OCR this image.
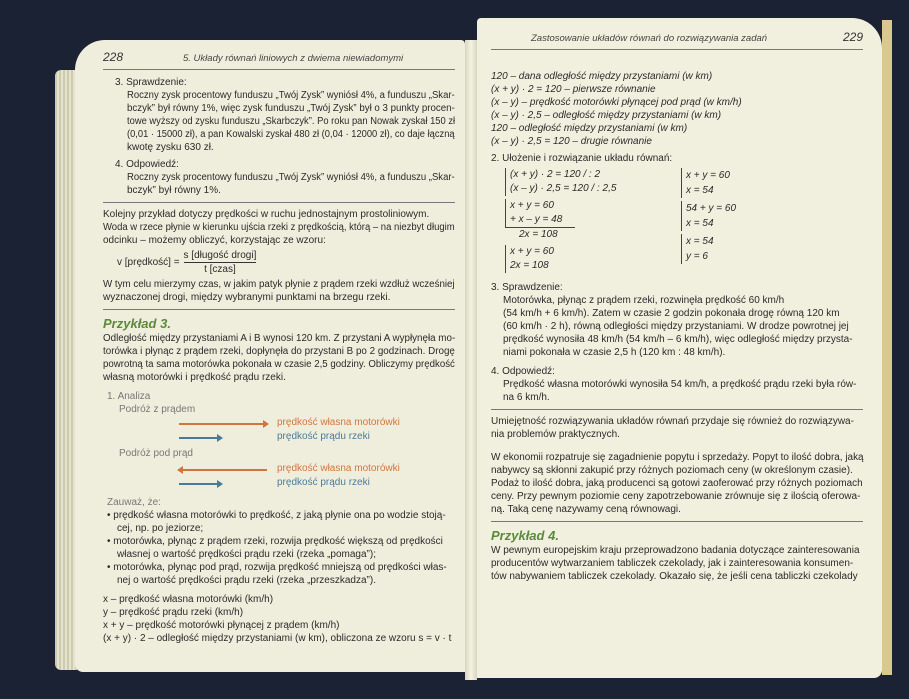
228	5. Układy równań liniowych z dwiema niewiadomymi
3. Sprawdzenie:
Roczny zysk procentowy funduszu „Twój Zysk” wyniósł 4%, a funduszu „Skar-
bczyk” był równy 1%, więc zysk funduszu „Twój Zysk” był o 3 punkty procen-
towe wyższy od zysku funduszu „Skarbczyk”. Po roku pan Nowak zyskał 150 zł
(0,01 · 15000 zł), a pan Kowalski zyskał 480 zł (0,04 · 12000 zł), co daje łączną
kwotę zysku 630 zł.
4. Odpowiedź:
Roczny zysk procentowy funduszu „Twój Zysk” wyniósł 4%, a funduszu „Skar-
bczyk” był równy 1%.
Kolejny przykład dotyczy prędkości w ruchu jednostajnym prostoliniowym.
Woda w rzece płynie w kierunku ujścia rzeki z prędkością, którą – na niezbyt długim
odcinku – możemy obliczyć, korzystając ze wzoru:
v [prędkość] =
s [długość drogi]
t [czas]
W tym celu mierzymy czas, w jakim patyk płynie z prądem rzeki wzdłuż wcześniej
wyznaczonej drogi, między wybranymi punktami na brzegu rzeki.
Przykład 3.
Odległość między przystaniami A i B wynosi 120 km. Z przystani A wypłynęła mo-
torówka i płynąc z prądem rzeki, dopłynęła do przystani B po 2 godzinach. Drogę
powrotną ta sama motorówka pokonała w czasie 2,5 godziny. Obliczymy prędkość
własną motorówki i prędkość prądu rzeki.
1. Analiza
Podróż z prądem
prędkość własna motorówki
prędkość prądu rzeki
Podróż pod prąd
prędkość własna motorówki
prędkość prądu rzeki
Zauważ, że:
• prędkość własna motorówki to prędkość, z jaką płynie ona po wodzie stoją-
cej, np. po jeziorze;
• motorówka, płynąc z prądem rzeki, rozwija prędkość większą od prędkości
własnej o wartość prędkości prądu rzeki (rzeka „pomaga”);
• motorówka, płynąc pod prąd, rozwija prędkość mniejszą od prędkości włas-
nej o wartość prędkości prądu rzeki (rzeka „przeszkadza”).
x – prędkość własna motorówki (km/h)
y – prędkość prądu rzeki (km/h)
x + y – prędkość motorówki płynącej z prądem (km/h)
(x + y) · 2 – odległość między przystaniami (w km), obliczona ze wzoru s = v · t
Zastosowanie układów równań do rozwiązywania zadań	229
120 – dana odległość między przystaniami (w km)
(x + y) · 2 = 120 – pierwsze równanie
(x – y) – prędkość motorówki płynącej pod prąd (w km/h)
(x – y) · 2,5 – odległość między przystaniami (w km)
120 – odległość między przystaniami (w km)
(x – y) · 2,5 = 120 – drugie równanie
2. Ułożenie i rozwiązanie układu równań:
(x + y) · 2 = 120 / : 2
(x – y) · 2,5 = 120 / : 2,5
x + y = 60
+ x – y = 48
2x = 108
x + y = 60
2x = 108
x + y = 60
x = 54
54 + y = 60
x = 54
x = 54
y = 6
3. Sprawdzenie:
Motorówka, płynąc z prądem rzeki, rozwinęła prędkość 60 km/h
(54 km/h + 6 km/h). Zatem w czasie 2 godzin pokonała drogę równą 120 km
(60 km/h · 2 h), równą odległości między przystaniami. W drodze powrotnej jej
prędkość wynosiła 48 km/h (54 km/h – 6 km/h), więc odległość między przysta-
niami pokonała w czasie 2,5 h (120 km : 48 km/h).
4. Odpowiedź:
Prędkość własna motorówki wynosiła 54 km/h, a prędkość prądu rzeki była rów-
na 6 km/h.
Umiejętność rozwiązywania układów równań przydaje się również do rozwiązywa-
nia problemów praktycznych.
W ekonomii rozpatruje się zagadnienie popytu i sprzedaży. Popyt to ilość dobra, jaką
nabywcy są skłonni zakupić przy różnych poziomach ceny (w określonym czasie).
Podaż to ilość dobra, jaką producenci są gotowi zaoferować przy różnych poziomach
ceny. Przy pewnym poziomie ceny zapotrzebowanie zrównuje się z ilością oferowa-
ną. Taką cenę nazywamy ceną równowagi.
Przykład 4.
W pewnym europejskim kraju przeprowadzono badania dotyczące zainteresowania
producentów wytwarzaniem tabliczek czekolady, jak i zainteresowania konsumen-
tów nabywaniem tabliczek czekolady. Okazało się, że jeśli cena tabliczki czekolady
